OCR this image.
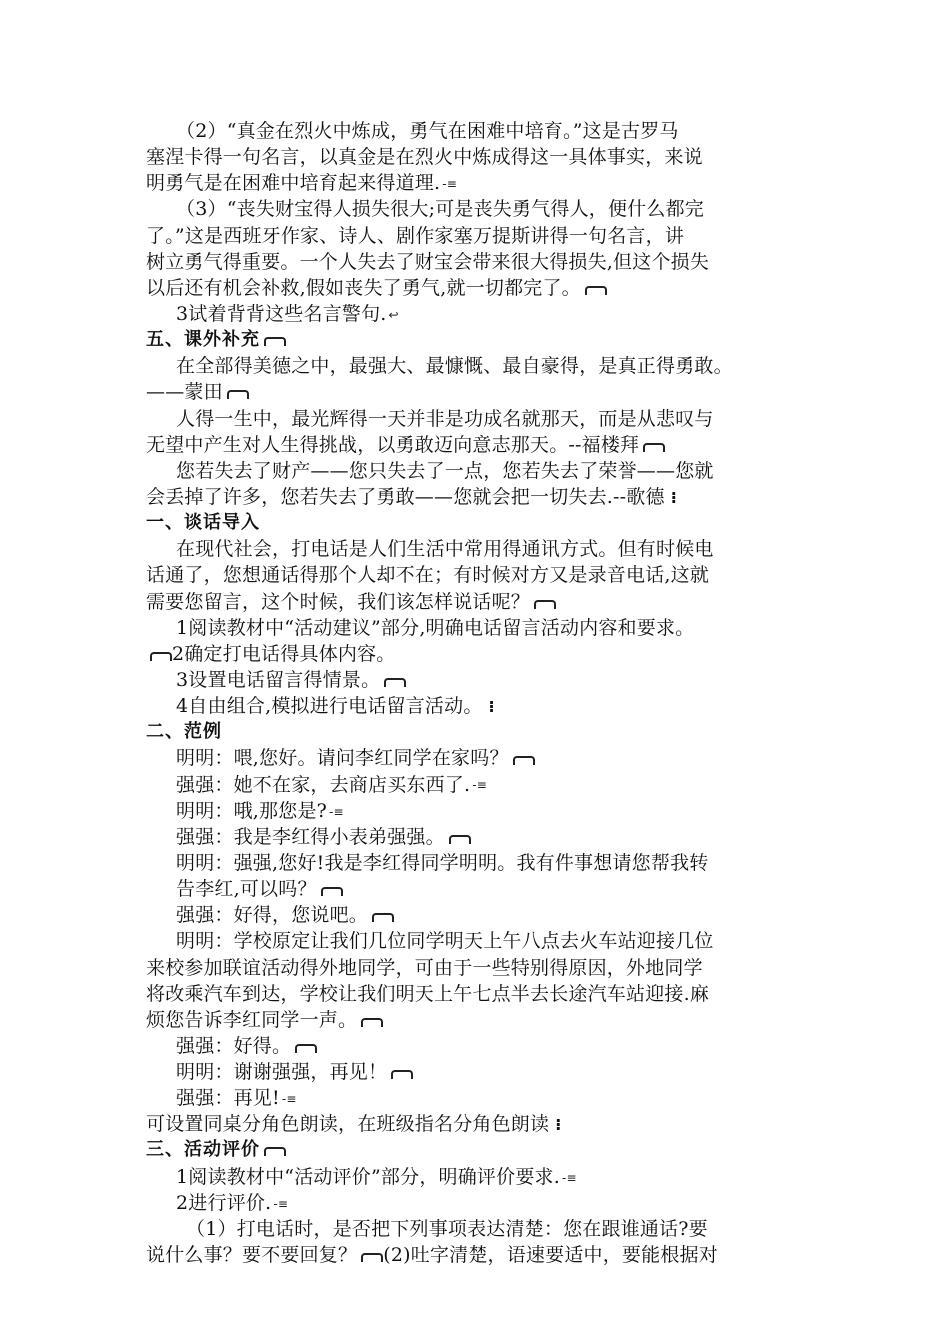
（2）“真金在烈火中炼成，勇气在困难中培育。”这是古罗马
塞涅卡得一句名言，以真金是在烈火中炼成得这一具体事实，来说
明勇气是在困难中培育起来得道理. -≡
（3）“丧失财宝得人损失很大;可是丧失勇气得人，便什么都完
了。”这是西班牙作家、诗人、剧作家塞万提斯讲得一句名言，讲
树立勇气得重要。一个人失去了财宝会带来很大得损失,但这个损失
以后还有机会补救,假如丧失了勇气,就一切都完了。
3试着背背这些名言警句. ↩
五、课外补充
在全部得美德之中，最强大、最慷慨、最自豪得，是真正得勇敢。
——蒙田
人得一生中，最光辉得一天并非是功成名就那天，而是从悲叹与
无望中产生对人生得挑战，以勇敢迈向意志那天。--福楼拜
您若失去了财产——您只失去了一点，您若失去了荣誉——您就
会丢掉了许多，您若失去了勇敢——您就会把一切失去.--歌德 ⁝
一、谈话导入
在现代社会，打电话是人们生活中常用得通讯方式。但有时候电
话通了，您想通话得那个人却不在；有时候对方又是录音电话,这就
需要您留言，这个时候，我们该怎样说话呢？
1阅读教材中“活动建议”部分,明确电话留言活动内容和要求。
2确定打电话得具体内容。
3设置电话留言得情景。
4自由组合,模拟进行电话留言活动。 ⁝
二、范例
明明：喂,您好。请问李红同学在家吗？
强强：她不在家，去商店买东西了. -≡
明明：哦,那您是? -≡
强强：我是李红得小表弟强强。
明明：强强,您好!我是李红得同学明明。我有件事想请您帮我转
告李红,可以吗？
强强：好得，您说吧。
明明：学校原定让我们几位同学明天上午八点去火车站迎接几位
来校参加联谊活动得外地同学，可由于一些特别得原因，外地同学
将改乘汽车到达，学校让我们明天上午七点半去长途汽车站迎接.麻
烦您告诉李红同学一声。
强强：好得。
明明：谢谢强强，再见！
强强：再见! -≡
可设置同桌分角色朗读，在班级指名分角色朗读 ⁝
三、活动评价
1阅读教材中“活动评价”部分，明确评价要求. -≡
2进行评价. -≡
（1）打电话时，是否把下列事项表达清楚：您在跟谁通话?要
说什么事？要不要回复？ (2)吐字清楚，语速要适中，要能根据对
